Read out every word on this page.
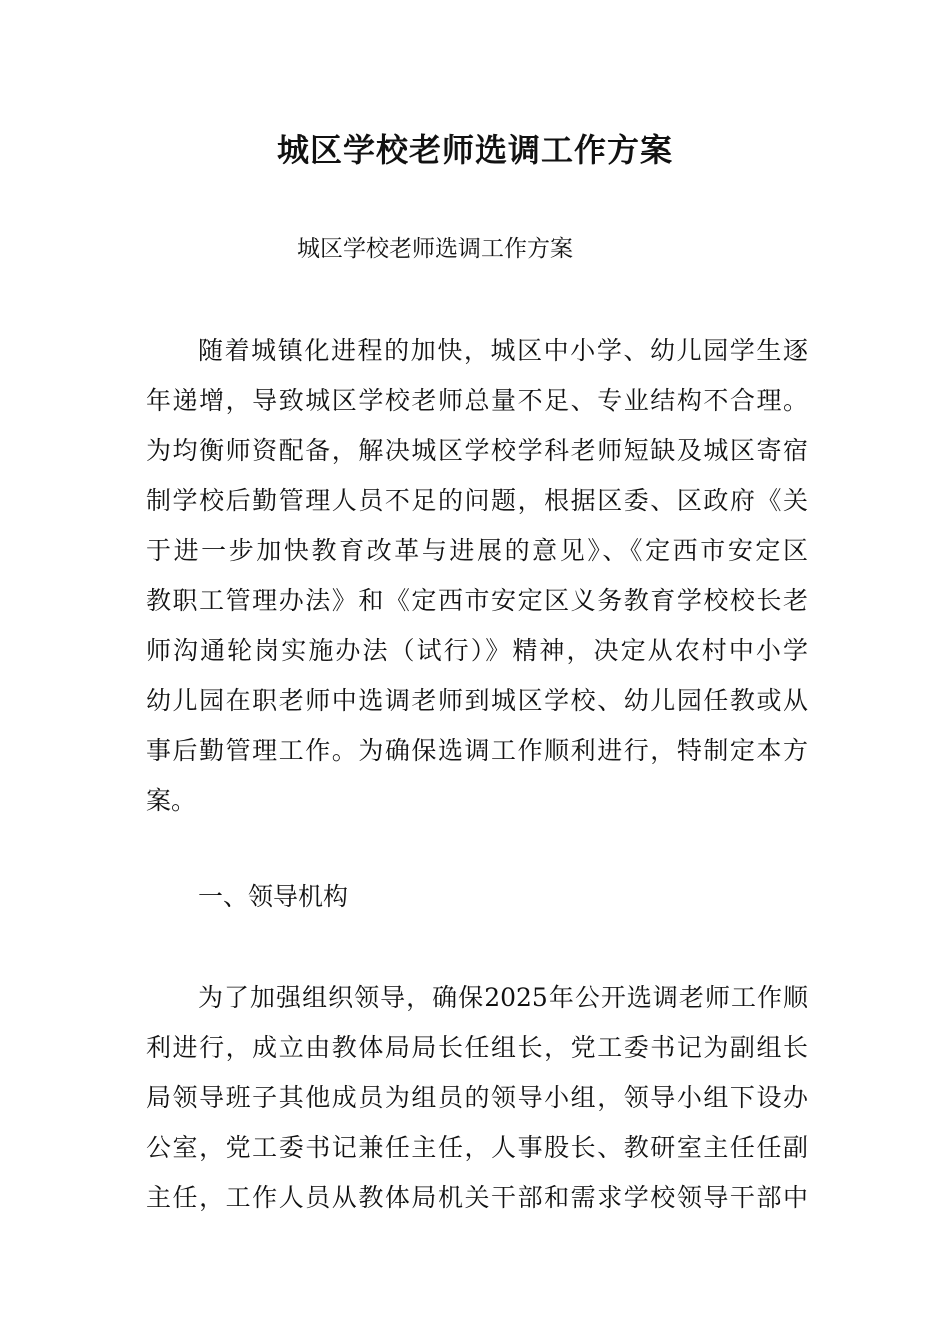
城区学校老师选调工作方案
城区学校老师选调工作方案
随着城镇化进程的加快，城区中小学、幼儿园学生逐
年递增，导致城区学校老师总量不足、专业结构不合理。
为均衡师资配备，解决城区学校学科老师短缺及城区寄宿
制学校后勤管理人员不足的问题，根据区委、区政府《关
于进一步加快教育改革与进展的意见》、《定西市安定区
教职工管理办法》和《定西市安定区义务教育学校校长老
师沟通轮岗实施办法（试行）》精神，决定从农村中小学
幼儿园在职老师中选调老师到城区学校、幼儿园任教或从
事后勤管理工作。为确保选调工作顺利进行，特制定本方
案。
一、领导机构
为了加强组织领导，确保2025年公开选调老师工作顺
利进行，成立由教体局局长任组长，党工委书记为副组长
局领导班子其他成员为组员的领导小组，领导小组下设办
公室，党工委书记兼任主任，人事股长、教研室主任任副
主任，工作人员从教体局机关干部和需求学校领导干部中
